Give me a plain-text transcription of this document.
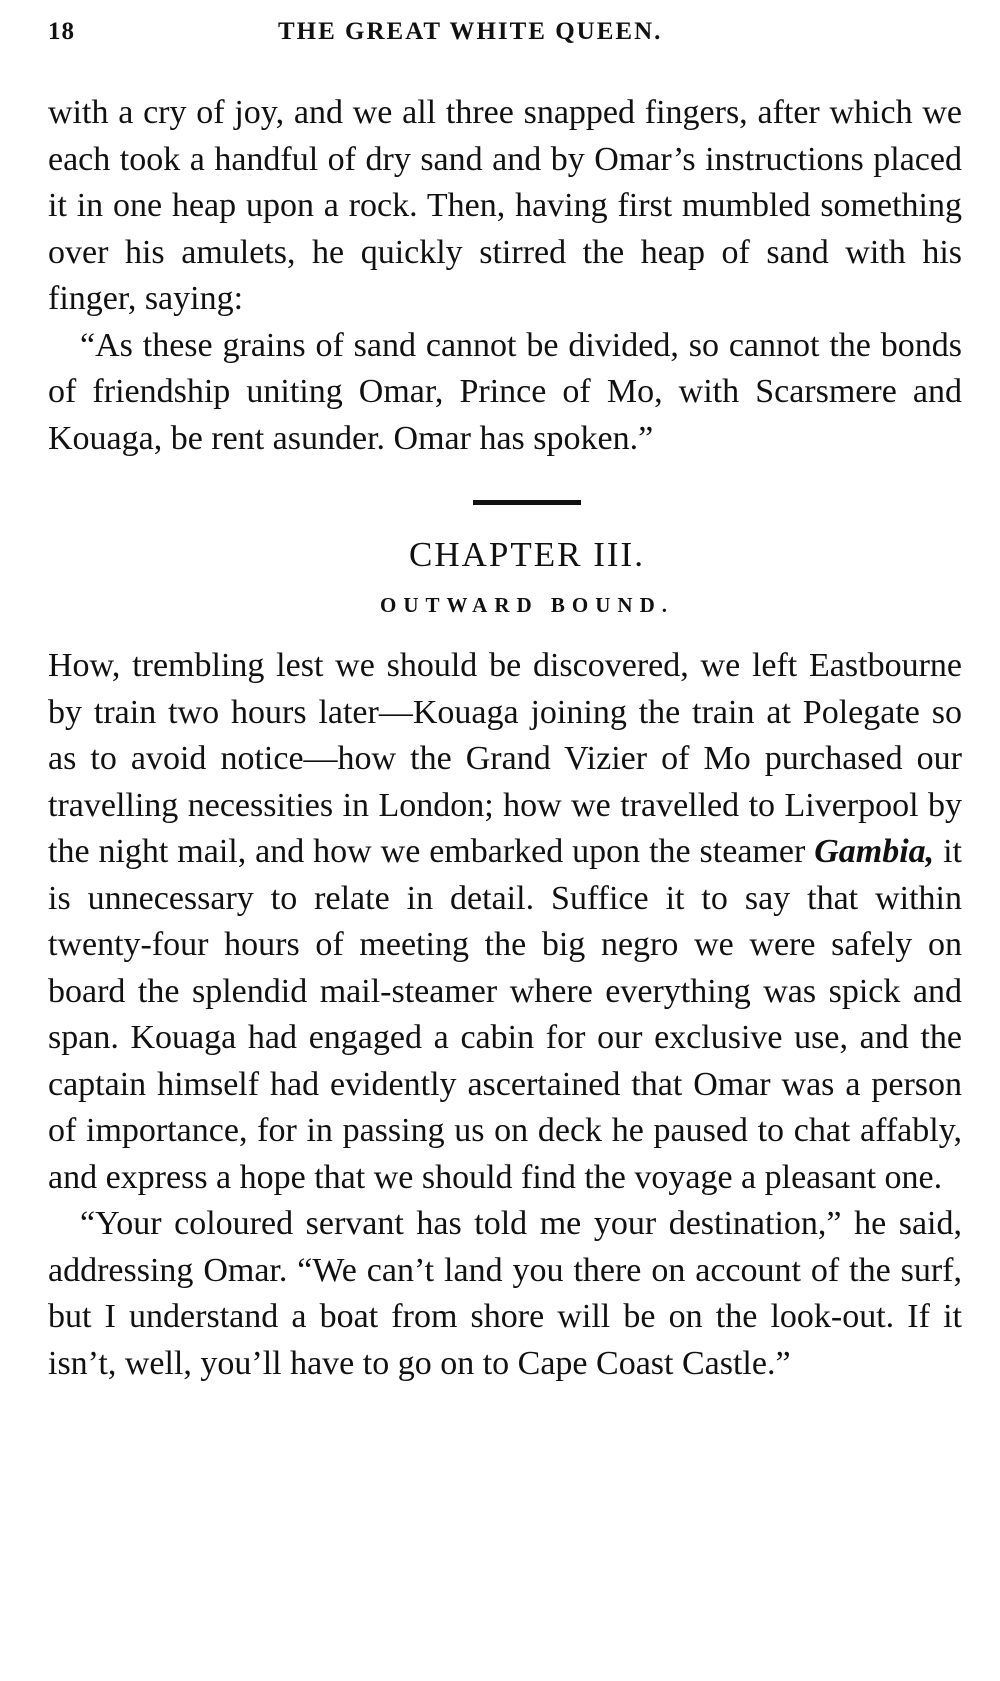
18	THE GREAT WHITE QUEEN.

with a cry of joy, and we all three snapped fingers, after which we each took a handful of dry sand and by Omar’s instructions placed it in one heap upon a rock. Then, having first mumbled something over his amulets, he quickly stirred the heap of sand with his finger, saying:

“As these grains of sand cannot be divided, so cannot the bonds of friendship uniting Omar, Prince of Mo, with Scarsmere and Kouaga, be rent asunder. Omar has spoken.”

CHAPTER III.
OUTWARD BOUND.

How, trembling lest we should be discovered, we left Eastbourne by train two hours later—Kouaga joining the train at Polegate so as to avoid notice—how the Grand Vizier of Mo purchased our travelling necessities in London; how we travelled to Liverpool by the night mail, and how we embarked upon the steamer Gambia, it is unnecessary to relate in detail. Suffice it to say that within twenty-four hours of meeting the big negro we were safely on board the splendid mail-steamer where everything was spick and span. Kouaga had engaged a cabin for our exclusive use, and the captain himself had evidently ascertained that Omar was a person of importance, for in passing us on deck he paused to chat affably, and express a hope that we should find the voyage a pleasant one.

“Your coloured servant has told me your destination,” he said, addressing Omar. “We can’t land you there on account of the surf, but I understand a boat from shore will be on the look-out. If it isn’t, well, you’ll have to go on to Cape Coast Castle.”
